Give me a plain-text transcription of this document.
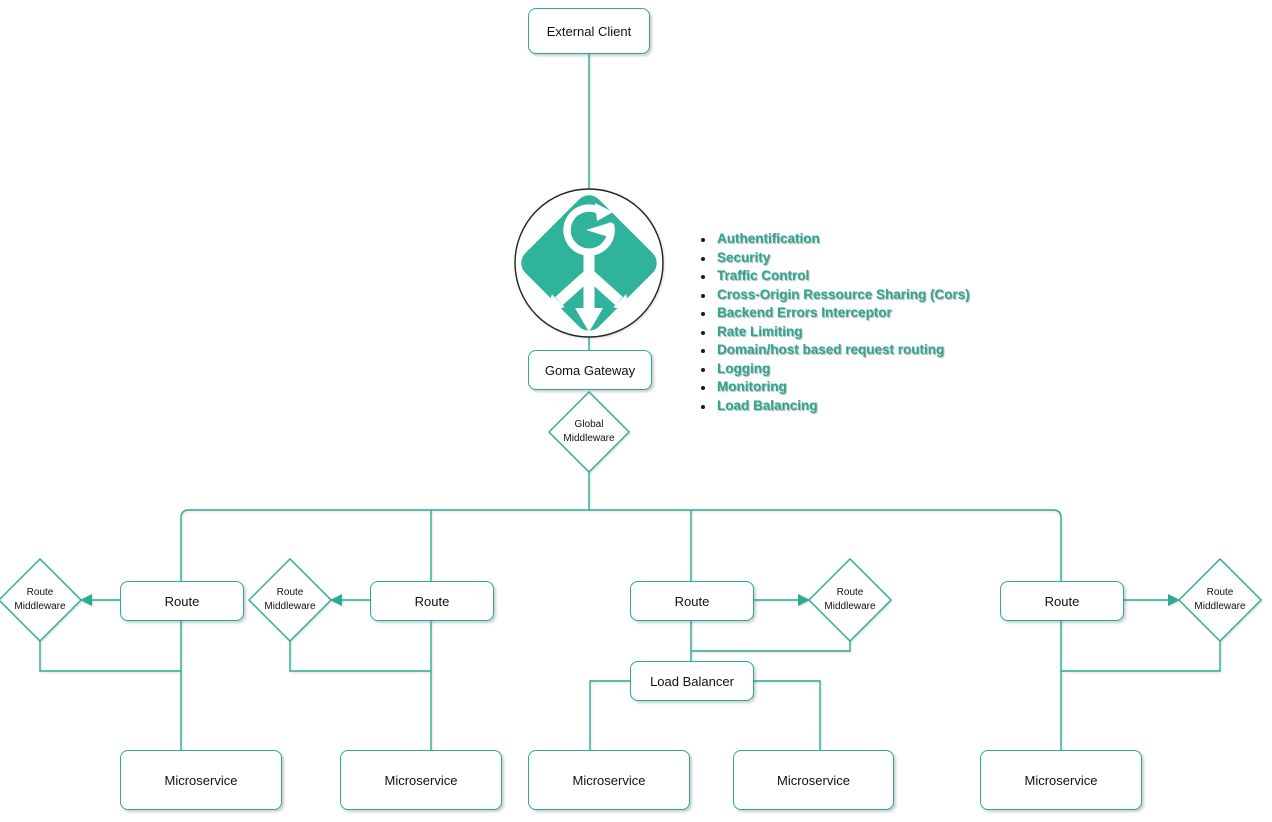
External Client
Goma Gateway
Route	Route	Route	Route
Load Balancer
Microservice	Microservice	Microservice	Microservice	Microservice
Global Middleware
Route Middleware
Route Middleware
Route Middleware
Route Middleware
• Authentification
• Security
• Traffic Control
• Cross-Origin Ressource Sharing (Cors)
• Backend Errors Interceptor
• Rate Limiting
• Domain/host based request routing
• Logging
• Monitoring
• Load Balancing
